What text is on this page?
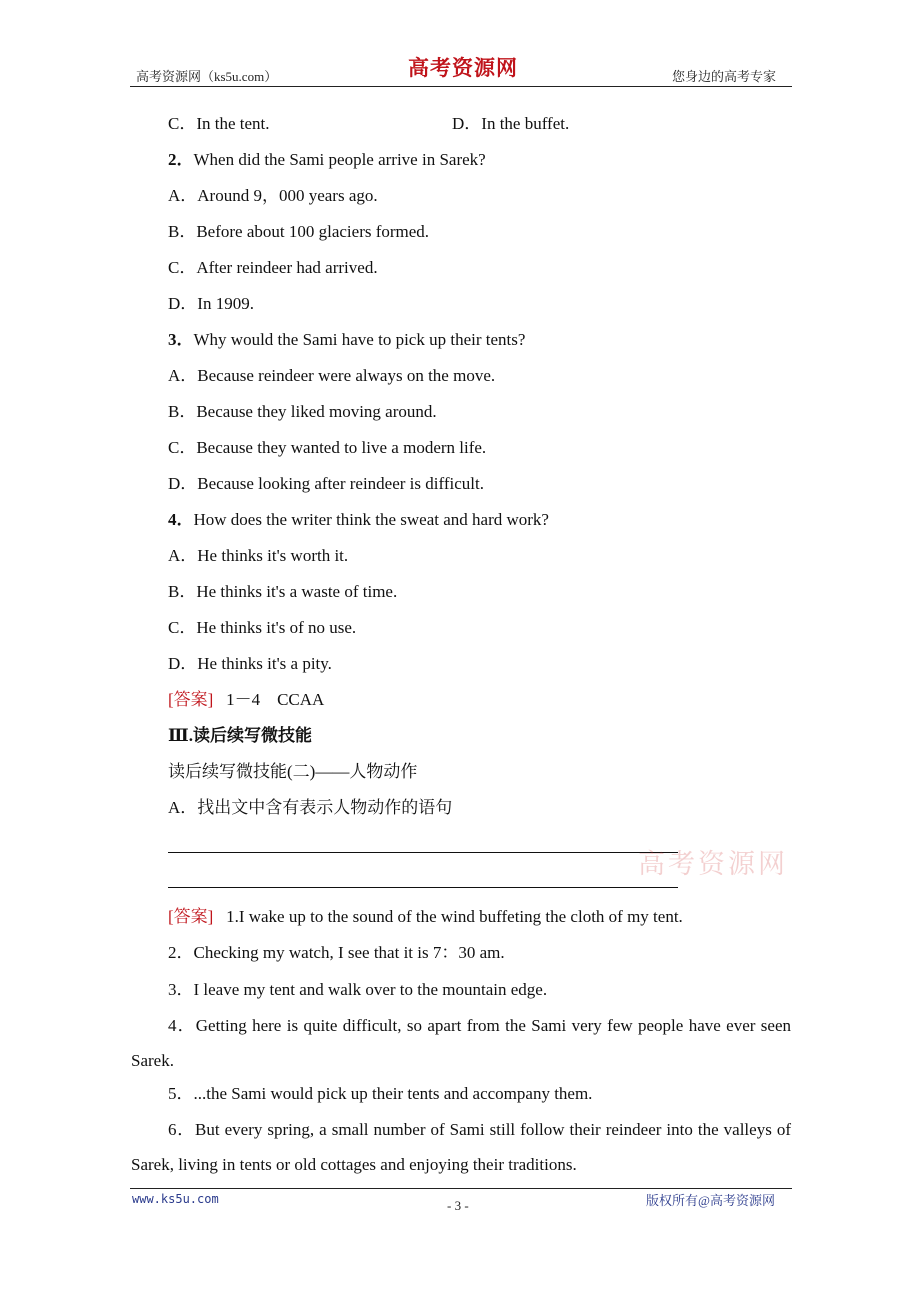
高考资源网（ks5u.com）	高考资源网	您身边的高考专家
C．In the tent.	D．In the buffet.
2．When did the Sami people arrive in Sarek?
A．Around 9，000 years ago.
B．Before about 100 glaciers formed.
C．After reindeer had arrived.
D．In 1909.
3．Why would the Sami have to pick up their tents?
A．Because reindeer were always on the move.
B．Because they liked moving around.
C．Because they wanted to live a modern life.
D．Because looking after reindeer is difficult.
4．How does the writer think the sweat and hard work?
A．He thinks it's worth it.
B．He thinks it's a waste of time.
C．He thinks it's of no use.
D．He thinks it's a pity.
[答案] 1－4　CCAA
Ⅲ.读后续写微技能
读后续写微技能(二)——人物动作
A．找出文中含有表示人物动作的语句
高考资源网
[答案] 1.I wake up to the sound of the wind buffeting the cloth of my tent.
2．Checking my watch, I see that it is 7：30 am.
3．I leave my tent and walk over to the mountain edge.
4．Getting here is quite difficult, so apart from the Sami very few people have ever seen Sarek.
5．...the Sami would pick up their tents and accompany them.
6．But every spring, a small number of Sami still follow their reindeer into the valleys of Sarek, living in tents or old cottages and enjoying their traditions.
www.ks5u.com	- 3 -	版权所有@高考资源网
